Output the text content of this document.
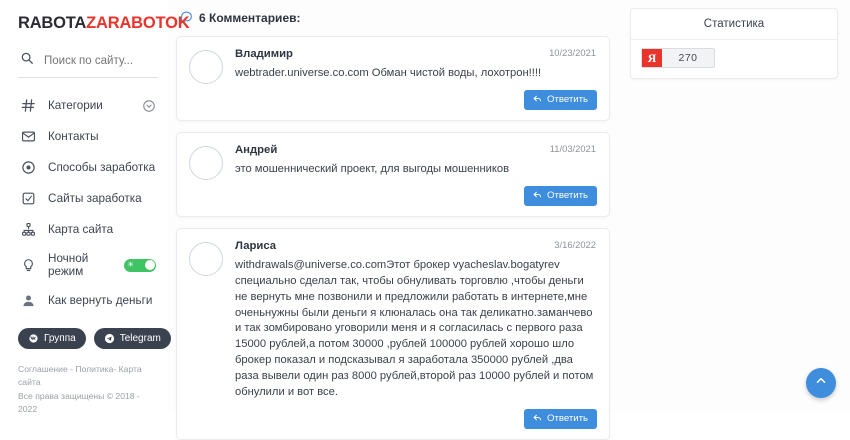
RABOTAZARABOTOK
Поиск по сайту...
Категории
Контакты
Способы заработка
Сайты заработка
Карта сайта
Ночной режим
☀
Как вернуть деньги
Группа	Telegram
Соглашение - Политика- Карта сайта
Все права защищены © 2018 - 2022
6 Комментариев:
Владимир
webtrader.universe.co.com Обман чистой воды, лохотрон!!!!
Ответить
10/23/2021
Андрей
это мошеннический проект, для выгоды мошенников
Ответить
11/03/2021
Лариса
withdrawals@universe.co.comЭтот брокер vyacheslav.bogatyrev специально сделал так, чтобы обнуливать торговлю ,чтобы деньги не вернуть мне позвонили и предложили работать в интернете,мне оченьнужны были деньги я клюналась она так деликатно.заманчево и так зомбировано уговорили меня и я согласилась с первого раза 15000 рублей,а потом 30000 ,рублей 100000 рублей хорошо шло брокер показал и подсказывал я заработала 350000 рублей ,два раза вывели один раз 8000 рублей,второй раз 10000 рублей и потом обнулили и вот все.
Ответить
3/16/2022
Статистика
Я	270
